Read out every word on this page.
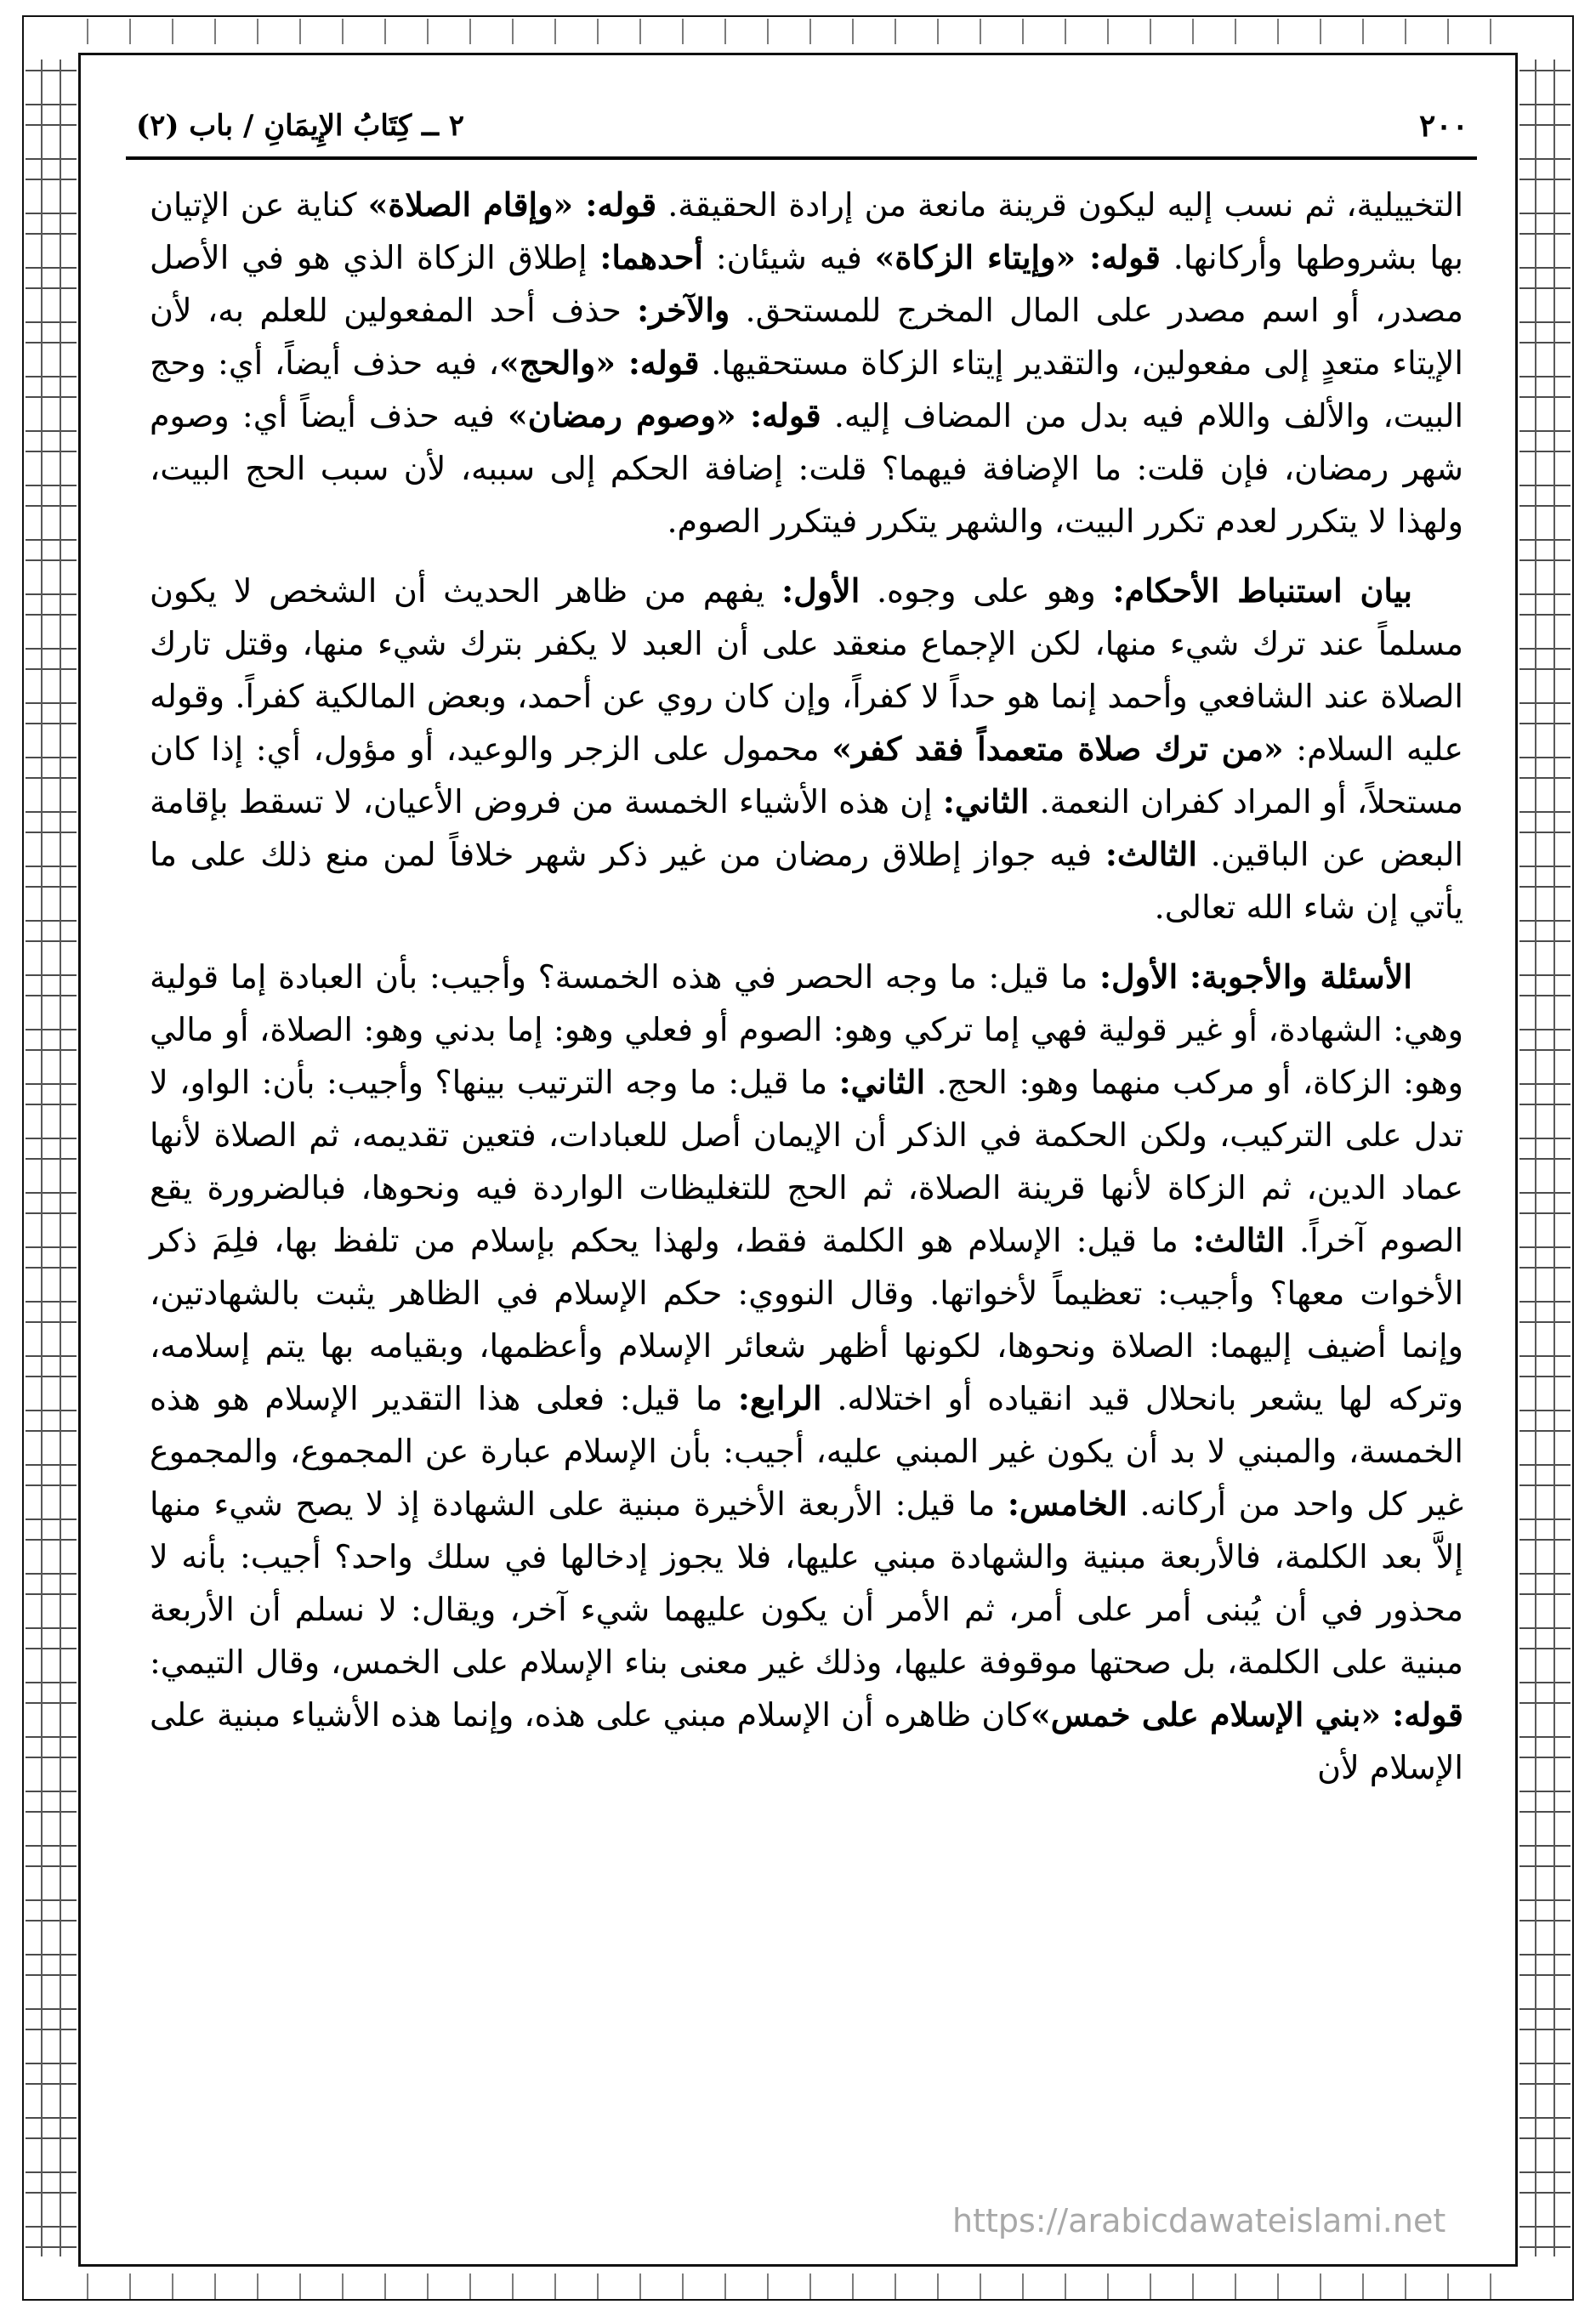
٢٠٠
٢ ــ كِتَابُ الإِيمَانِ / باب (٢)

التخييلية، ثم نسب إليه ليكون قرينة مانعة من إرادة الحقيقة. قوله: «وإقام الصلاة» كناية عن الإتيان بها بشروطها وأركانها. قوله: «وإيتاء الزكاة» فيه شيئان: أحدهما: إطلاق الزكاة الذي هو في الأصل مصدر، أو اسم مصدر على المال المخرج للمستحق. والآخر: حذف أحد المفعولين للعلم به، لأن الإيتاء متعدٍ إلى مفعولين، والتقدير إيتاء الزكاة مستحقيها. قوله: «والحج»، فيه حذف أيضاً، أي: وحج البيت، والألف واللام فيه بدل من المضاف إليه. قوله: «وصوم رمضان» فيه حذف أيضاً أي: وصوم شهر رمضان، فإن قلت: ما الإضافة فيهما؟ قلت: إضافة الحكم إلى سببه، لأن سبب الحج البيت، ولهذا لا يتكرر لعدم تكرر البيت، والشهر يتكرر فيتكرر الصوم.

بيان استنباط الأحكام: وهو على وجوه. الأول: يفهم من ظاهر الحديث أن الشخص لا يكون مسلماً عند ترك شيء منها، لكن الإجماع منعقد على أن العبد لا يكفر بترك شيء منها، وقتل تارك الصلاة عند الشافعي وأحمد إنما هو حداً لا كفراً، وإن كان روي عن أحمد، وبعض المالكية كفراً. وقوله عليه السلام: «من ترك صلاة متعمداً فقد كفر» محمول على الزجر والوعيد، أو مؤول، أي: إذا كان مستحلاً، أو المراد كفران النعمة. الثاني: إن هذه الأشياء الخمسة من فروض الأعيان، لا تسقط بإقامة البعض عن الباقين. الثالث: فيه جواز إطلاق رمضان من غير ذكر شهر خلافاً لمن منع ذلك على ما يأتي إن شاء الله تعالى.

الأسئلة والأجوبة: الأول: ما قيل: ما وجه الحصر في هذه الخمسة؟ وأجيب: بأن العبادة إما قولية وهي: الشهادة، أو غير قولية فهي إما تركي وهو: الصوم أو فعلي وهو: إما بدني وهو: الصلاة، أو مالي وهو: الزكاة، أو مركب منهما وهو: الحج. الثاني: ما قيل: ما وجه الترتيب بينها؟ وأجيب: بأن: الواو، لا تدل على التركيب، ولكن الحكمة في الذكر أن الإيمان أصل للعبادات، فتعين تقديمه، ثم الصلاة لأنها عماد الدين، ثم الزكاة لأنها قرينة الصلاة، ثم الحج للتغليظات الواردة فيه ونحوها، فبالضرورة يقع الصوم آخراً. الثالث: ما قيل: الإسلام هو الكلمة فقط، ولهذا يحكم بإسلام من تلفظ بها، فلِمَ ذكر الأخوات معها؟ وأجيب: تعظيماً لأخواتها. وقال النووي: حكم الإسلام في الظاهر يثبت بالشهادتين، وإنما أضيف إليهما: الصلاة ونحوها، لكونها أظهر شعائر الإسلام وأعظمها، وبقيامه بها يتم إسلامه، وتركه لها يشعر بانحلال قيد انقياده أو اختلاله. الرابع: ما قيل: فعلى هذا التقدير الإسلام هو هذه الخمسة، والمبني لا بد أن يكون غير المبني عليه، أجيب: بأن الإسلام عبارة عن المجموع، والمجموع غير كل واحد من أركانه. الخامس: ما قيل: الأربعة الأخيرة مبنية على الشهادة إذ لا يصح شيء منها إلاَّ بعد الكلمة، فالأربعة مبنية والشهادة مبني عليها، فلا يجوز إدخالها في سلك واحد؟ أجيب: بأنه لا محذور في أن يُبنى أمر على أمر، ثم الأمر أن يكون عليهما شيء آخر، ويقال: لا نسلم أن الأربعة مبنية على الكلمة، بل صحتها موقوفة عليها، وذلك غير معنى بناء الإسلام على الخمس، وقال التيمي: قوله: «بني الإسلام على خمس»كان ظاهره أن الإسلام مبني على هذه، وإنما هذه الأشياء مبنية على الإسلام لأن

https://arabicdawateislami.net
